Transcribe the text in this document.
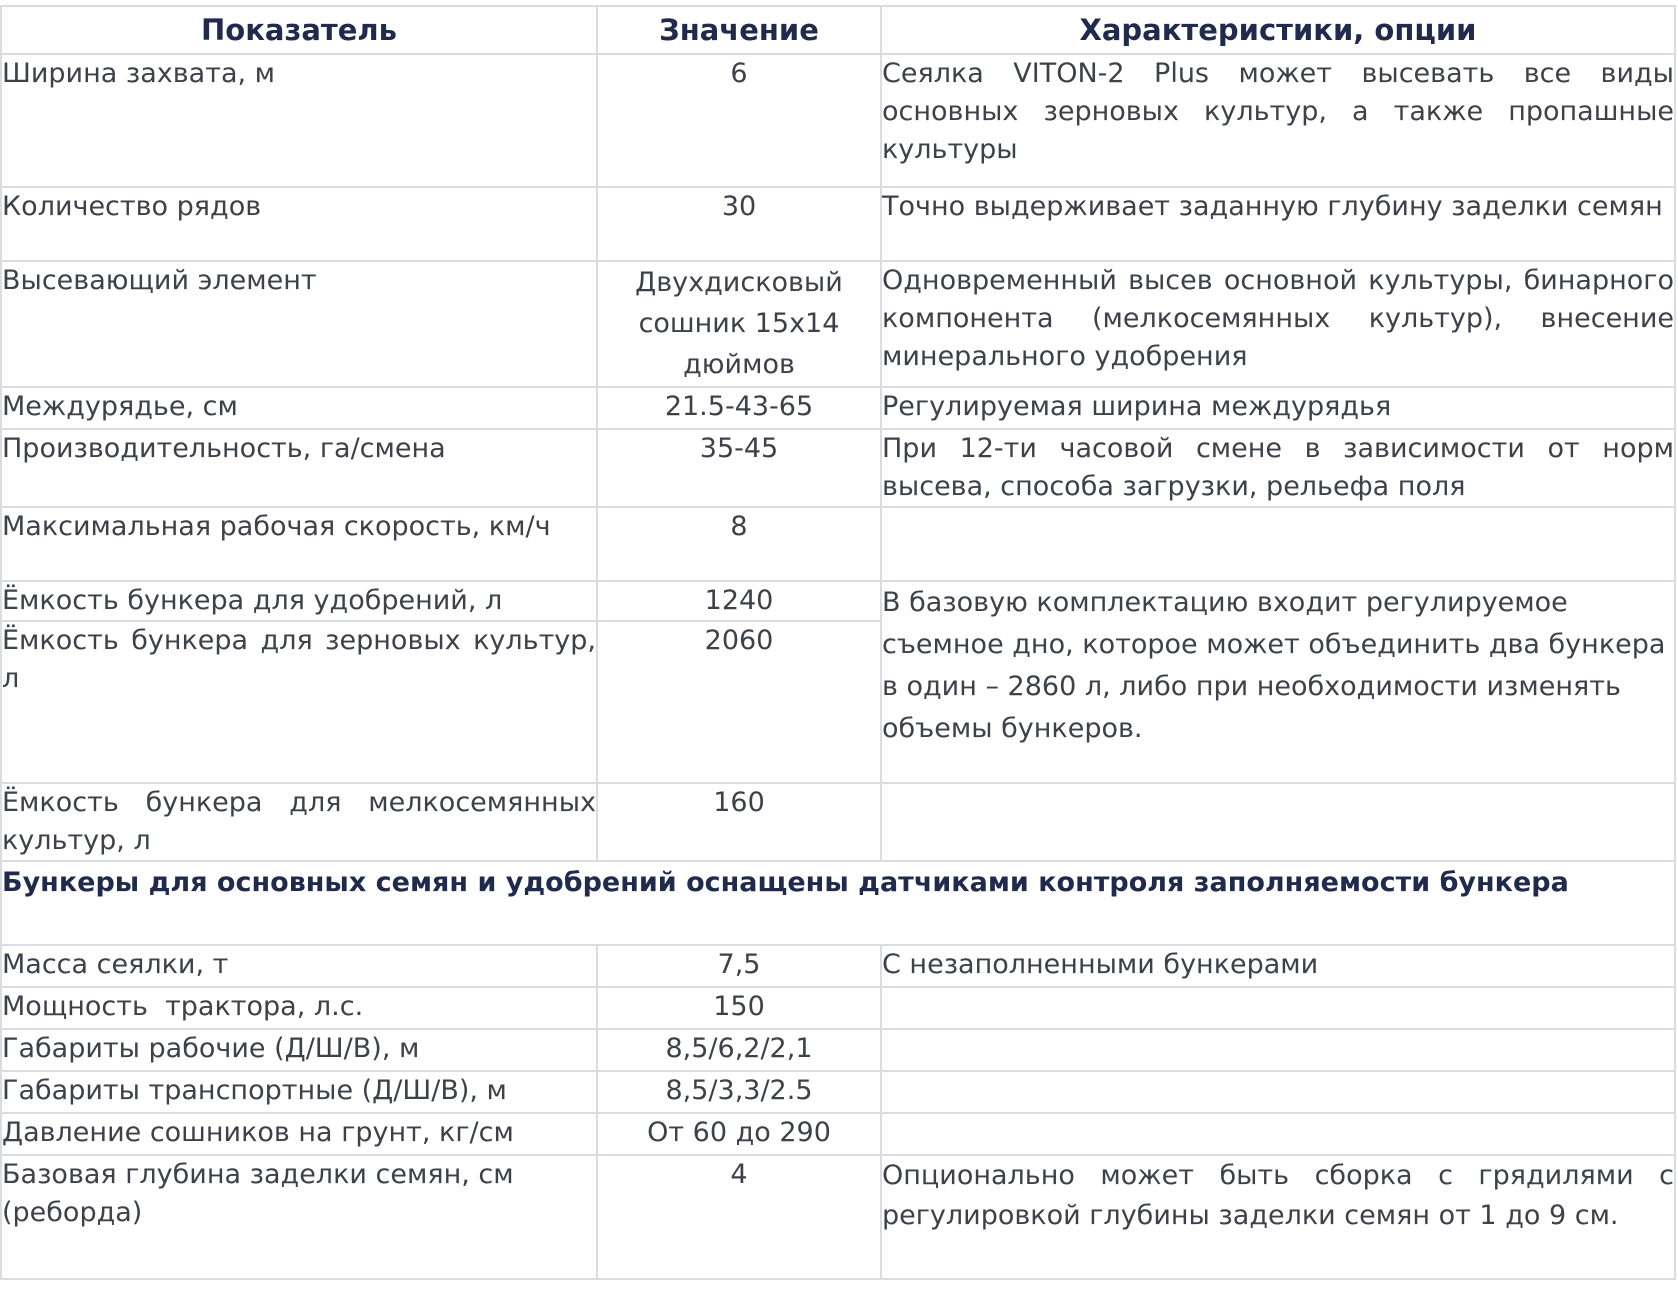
Показатель	Значение	Характеристики, опции
Ширина захвата, м	6	Сеялка VITON-2 Plus может высевать все виды основных зерновых культур, а также пропашные культуры
Количество рядов	30	Точно выдерживает заданную глубину заделки семян
Высевающий элемент	Двухдисковый сошник 15x14 дюймов	Одновременный высев основной культуры, бинарного компонента (мелкосемянных культур), внесение минерального удобрения
Междурядье, см	21.5-43-65	Регулируемая ширина междурядья
Производительность, га/смена	35-45	При 12-ти часовой смене в зависимости от норм высева, способа загрузки, рельефа поля
Максимальная рабочая скорость, км/ч	8	
Ёмкость бункера для удобрений, л	1240	В базовую комплектацию входит регулируемое съемное дно, которое может объединить два бункера в один – 2860 л, либо при необходимости изменять объемы бункеров.
Ёмкость бункера для зерновых культур, л	2060	
Ёмкость бункера для мелкосемянных культур, л	160	
Бункеры для основных семян и удобрений оснащены датчиками контроля заполняемости бункера		
Масса сеялки, т	7,5	С незаполненными бункерами
Мощность  трактора, л.с.	150	
Габариты рабочие (Д/Ш/В), м	8,5/6,2/2,1	
Габариты транспортные (Д/Ш/В), м	8,5/3,3/2.5	
Давление сошников на грунт, кг/см	От 60 до 290	
Базовая глубина заделки семян, см (реборда)	4	Опционально может быть сборка с грядилями с регулировкой глубины заделки семян от 1 до 9 см.
